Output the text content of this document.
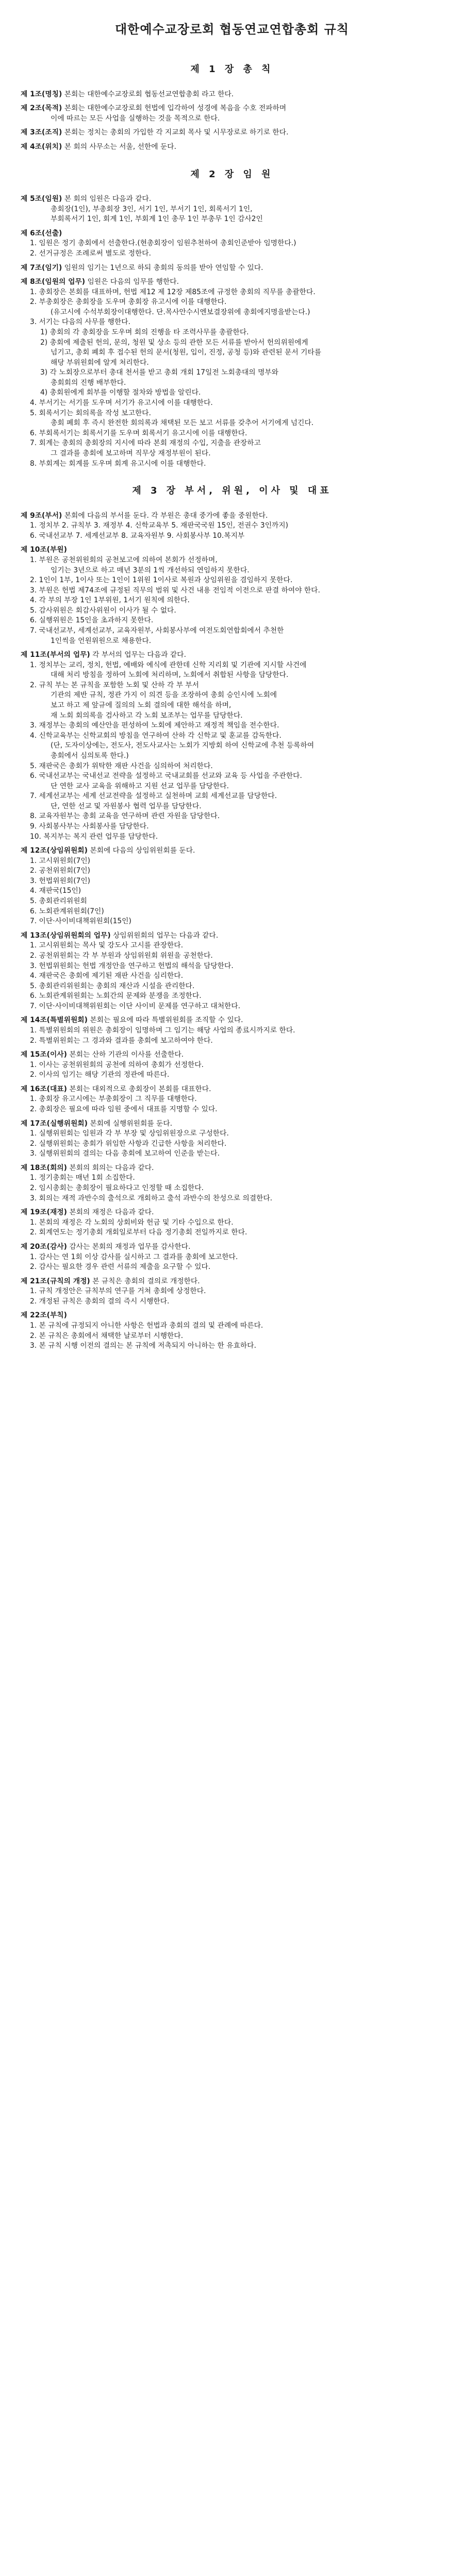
대한예수교장로회 협동연교연합총회 규칙
제 1 장 총 칙

제 1조(명칭) 본회는 대한예수교장로회 협동선교연합총회 라고 한다.

제 2조(목적) 본회는 대한예수교장로회 헌법에 입각하여 성경에 복음을 수호 전파하며

이에 따르는 모든 사업을 실행하는 것을 목적으로 한다.

제 3조(조직) 본회는 정치는 총회의 가입한 각 지교회 목사 및 시무장로로 하기로 한다.

제 4조(위치) 본 회의 사무소는 서울, 선한에 둔다.

제 2 장 임 원

제 5조(임원) 본 회의 임원은 다음과 같다.

총회장(1인), 부총회장 3인, 서기 1인, 부서기 1인, 회록서기 1인,

부회록서기 1인, 회계 1인, 부회계 1인 총무 1인 부총무 1인 감사2인

제 6조(선출)

1. 임원은 정기 총회에서 선출한다.(현총회장이 임원추천하여 총회인준받아 임명한다.)

2. 선거규정은 조례로써 별도로 정한다.

제 7조(임기) 임원의 임기는 1년으로 하되 총회의 동의를 받아 연임할 수 있다.

제 8조(임원의 업무) 임원은 다음의 임무를 행한다.

1. 총회장은 본회를 대표하며, 헌법 제12 제 12장 제85조에 규정한 총회의 직무를 총괄한다.

2. 부총회장은 총회장을 도우며 총회장 유고시에 이를 대행한다.

(유고시에 수석부회장이대행한다. 단.목사안수시엔보결장위에 총회에지명을받는다.)

3. 서기는 다음의 사무를 행한다.

1) 총회의 각 총회장을 도우며 회의 진행을 타 조력사무를 총괄한다.

2) 총회에 제출된 헌의, 문의, 청원 및 상소 등의 관한 모든 서류를 받아서 헌의위원에게

넘기고, 총회 폐회 후 접수된 헌의 문서(청원, 입이, 진정, 공청 등)와 관련된 문서 기타를

해당 부위원회에 알게 처리한다.

3) 각 노회장으로부터 총대 천서를 받고 총회 개회 17일전 노회총대의 명부와

총회회의 진행 배부한다.

4) 총회원에게 회부를 이행할 절차와 방법을 알린다.

4. 부서기는 서기를 도우며 서기가 유고시에 이를 대행한다.

5. 회록서기는 회의록을 작성 보고한다.

총회 폐회 후 즉시 완전한 회의록과 채택된 모든 보고 서류를 갖추어 서기에게 넘긴다.

6. 부회록서기는 회록서기를 도우며 회록서기 유고시에 이를 대행한다.

7. 회계는 총회의 총회장의 지시에 따라 본회 재정의 수입, 지출을 관장하고

그 결과를 총회에 보고하며 직무상 재정부원이 된다.

8. 부회계는 회계를 도우며 회계 유고시에 이를 대행한다.

제 3 장 부서, 위원, 이사 및 대표

제 9조(부서) 본회에 다음의 부서를 둔다. 각 부원은 총대 중가에 좋을 중원한다.

1. 정치부 2. 규칙부 3. 재정부 4. 신학교육부 5. 재판국국원 15인, 전권수 3인까지)

6. 국내선교부 7. 세계선교부 8. 교육자원부 9. 사회봉사부 10.복지부

제 10조(부원)

1. 부원은 공천위원회의 공천보고에 의하여 본회가 선정하며,

임기는 3년으로 하고 매년 3분의 1씩 개선하되 연임하지 못한다.

2. 1인이 1부, 1이사 또는 1인이 1위원 1이사로 복원과 상임위원을 겸임하지 못한다.

3. 부원은 헌법 제74조에 규정된 직무의 범위 및 사건 내용 전임적 이전으로 판결 하여야 한다.

4. 각 부의 부장 1인 1부위원, 1서기 원칙에 의한다.

5. 감사위원은 회감사위원이 이사가 될 수 없다.

6. 실행위원은 15인을 초과하지 못한다.

7. 국내선교부, 세계선교부, 교육자원부, 사회봉사부에 여전도회연합회에서 추천한

1인씩을 언원위원으로 채용한다.

제 11조(부서의 업무) 각 부서의 업무는 다음과 같다.

1. 정치부는 교리, 정치, 헌법, 예배와 예식에 관한데 신학 지리회 및 기관에 지시할 사건에

대해 처리 방침을 정하여 노회에 처리하며, 노회에서 취합된 사항을 담당한다.

2. 규칙 부는 본 규칙을 포함한 노회 및 산하 각 부 부서

기관의 제반 규칙, 정관 가지 이 의견 등을 조장하여 총회 승인시에 노회에

보고 하고 제 앞규에 질의의 노회 결의에 대한 해석을 하며,

재 노회 회의록을 검사하고 각 노회 보조부는 업무를 담당한다.

3. 재정부는 총회의 예산안을 편성하여 노회에 제안하고 재정적 책임을 전수한다.

4. 신학교육부는 신학교회의 방침을 연구하여 산하 각 신학교 및 훈교를 감독한다.

(단, 도자이상에는, 전도사, 전도사교사는 노회가 지방회 하여 신학교에 추천 등록하여

총회에서 심의토록 한다.)

5. 재판국은 총회가 위탁한 재판 사건을 심의하여 처리한다.

6. 국내선교부는 국내선교 전략을 설정하고 국내교회를 선교와 교육 등 사업을 주관한다.

단 연한 교사 교육을 위해하고 지원 선교 업무를 담당한다.

7. 세계선교부는 세계 선교전략을 설정하고 실천하며 교회 세계선교를 담당한다.

단, 연한 선교 및 자원봉사 협력 업무를 담당한다.

8. 교육자원부는 총회 교육을 연구하며 관련 자원을 담당한다.

9. 사회봉사부는 사회봉사를 담당한다.

10. 복지부는 복지 관련 업무를 담당한다.

제 12조(상임위원회) 본회에 다음의 상임위원회를 둔다.

1. 고시위원회(7인)

2. 공천위원회(7인)

3. 헌법위원회(7인)

4. 재판국(15인)

5. 총회관리위원회

6. 노회관계위원회(7인)

7. 이단·사이비대책위원회(15인)

제 13조(상임위원회의 업무) 상임위원회의 업무는 다음과 같다.

1. 고시위원회는 목사 및 강도사 고시를 관장한다.

2. 공천위원회는 각 부 부원과 상임위원회 위원을 공천한다.

3. 헌법위원회는 헌법 개정안을 연구하고 헌법의 해석을 담당한다.

4. 재판국은 총회에 제기된 재판 사건을 심리한다.

5. 총회관리위원회는 총회의 재산과 시설을 관리한다.

6. 노회관계위원회는 노회간의 문제와 분쟁을 조정한다.

7. 이단·사이비대책위원회는 이단 사이비 문제를 연구하고 대처한다.

제 14조(특별위원회) 본회는 필요에 따라 특별위원회를 조직할 수 있다.

1. 특별위원회의 위원은 총회장이 임명하며 그 임기는 해당 사업의 종료시까지로 한다.

2. 특별위원회는 그 경과와 결과를 총회에 보고하여야 한다.

제 15조(이사) 본회는 산하 기관의 이사를 선출한다.

1. 이사는 공천위원회의 공천에 의하여 총회가 선정한다.

2. 이사의 임기는 해당 기관의 정관에 따른다.

제 16조(대표) 본회는 대외적으로 총회장이 본회를 대표한다.

1. 총회장 유고시에는 부총회장이 그 직무를 대행한다.

2. 총회장은 필요에 따라 임원 중에서 대표를 지명할 수 있다.

제 17조(실행위원회) 본회에 실행위원회를 둔다.

1. 실행위원회는 임원과 각 부 부장 및 상임위원장으로 구성한다.

2. 실행위원회는 총회가 위임한 사항과 긴급한 사항을 처리한다.

3. 실행위원회의 결의는 다음 총회에 보고하여 인준을 받는다.

제 18조(회의) 본회의 회의는 다음과 같다.

1. 정기총회는 매년 1회 소집한다.

2. 임시총회는 총회장이 필요하다고 인정할 때 소집한다.

3. 회의는 재적 과반수의 출석으로 개회하고 출석 과반수의 찬성으로 의결한다.

제 19조(재정) 본회의 재정은 다음과 같다.

1. 본회의 재정은 각 노회의 상회비와 헌금 및 기타 수입으로 한다.

2. 회계연도는 정기총회 개회일로부터 다음 정기총회 전일까지로 한다.

제 20조(감사) 감사는 본회의 재정과 업무를 감사한다.

1. 감사는 연 1회 이상 감사를 실시하고 그 결과를 총회에 보고한다.

2. 감사는 필요한 경우 관련 서류의 제출을 요구할 수 있다.

제 21조(규칙의 개정) 본 규칙은 총회의 결의로 개정한다.

1. 규칙 개정안은 규칙부의 연구를 거쳐 총회에 상정한다.

2. 개정된 규칙은 총회의 결의 즉시 시행한다.

제 22조(부칙)

1. 본 규칙에 규정되지 아니한 사항은 헌법과 총회의 결의 및 관례에 따른다.

2. 본 규칙은 총회에서 채택한 날로부터 시행한다.

3. 본 규칙 시행 이전의 결의는 본 규칙에 저촉되지 아니하는 한 유효하다.
